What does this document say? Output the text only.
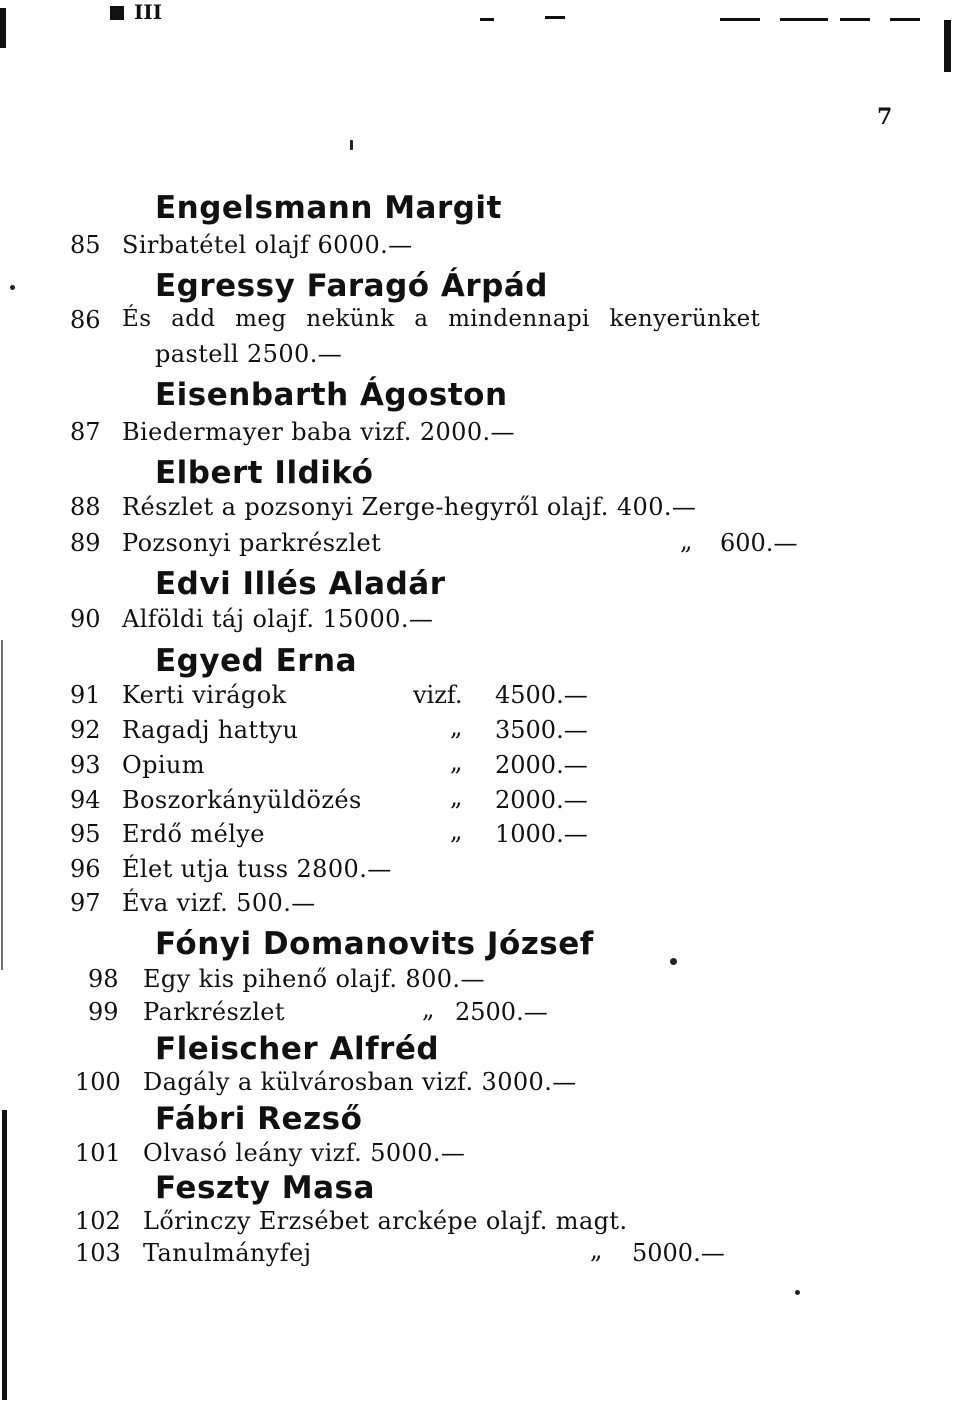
III
7
Engelsmann Margit
85 Sirbatétel olajf 6000.—
Egressy Faragó Árpád
86 És add meg nekünk a mindennapi kenyerünket
pastell 2500.—
Eisenbarth Ágoston
87 Biedermayer baba vizf. 2000.—
Elbert Ildikó
88 Részlet a pozsonyi Zerge-hegyről olajf. 400.—
89 Pozsonyi parkrészlet	„ 600.—
Edvi Illés Aladár
90 Alföldi táj olajf. 15000.—
Egyed Erna
91 Kerti virágok	vizf. 4500.—
92 Ragadj hattyu	„ 3500.—
93 Opium	„ 2000.—
94 Boszorkányüldözés	„ 2000.—
95 Erdő mélye	„ 1000.—
96 Élet utja tuss 2800.—
97 Éva vizf. 500.—
Fónyi Domanovits József
98 Egy kis pihenő olajf. 800.—
99 Parkrészlet	„ 2500.—
Fleischer Alfréd
100 Dagály a külvárosban vizf. 3000.—
Fábri Rezső
101 Olvasó leány vizf. 5000.—
Feszty Masa
102 Lőrinczy Erzsébet arcképe olajf. magt.
103 Tanulmányfej	„ 5000.—
